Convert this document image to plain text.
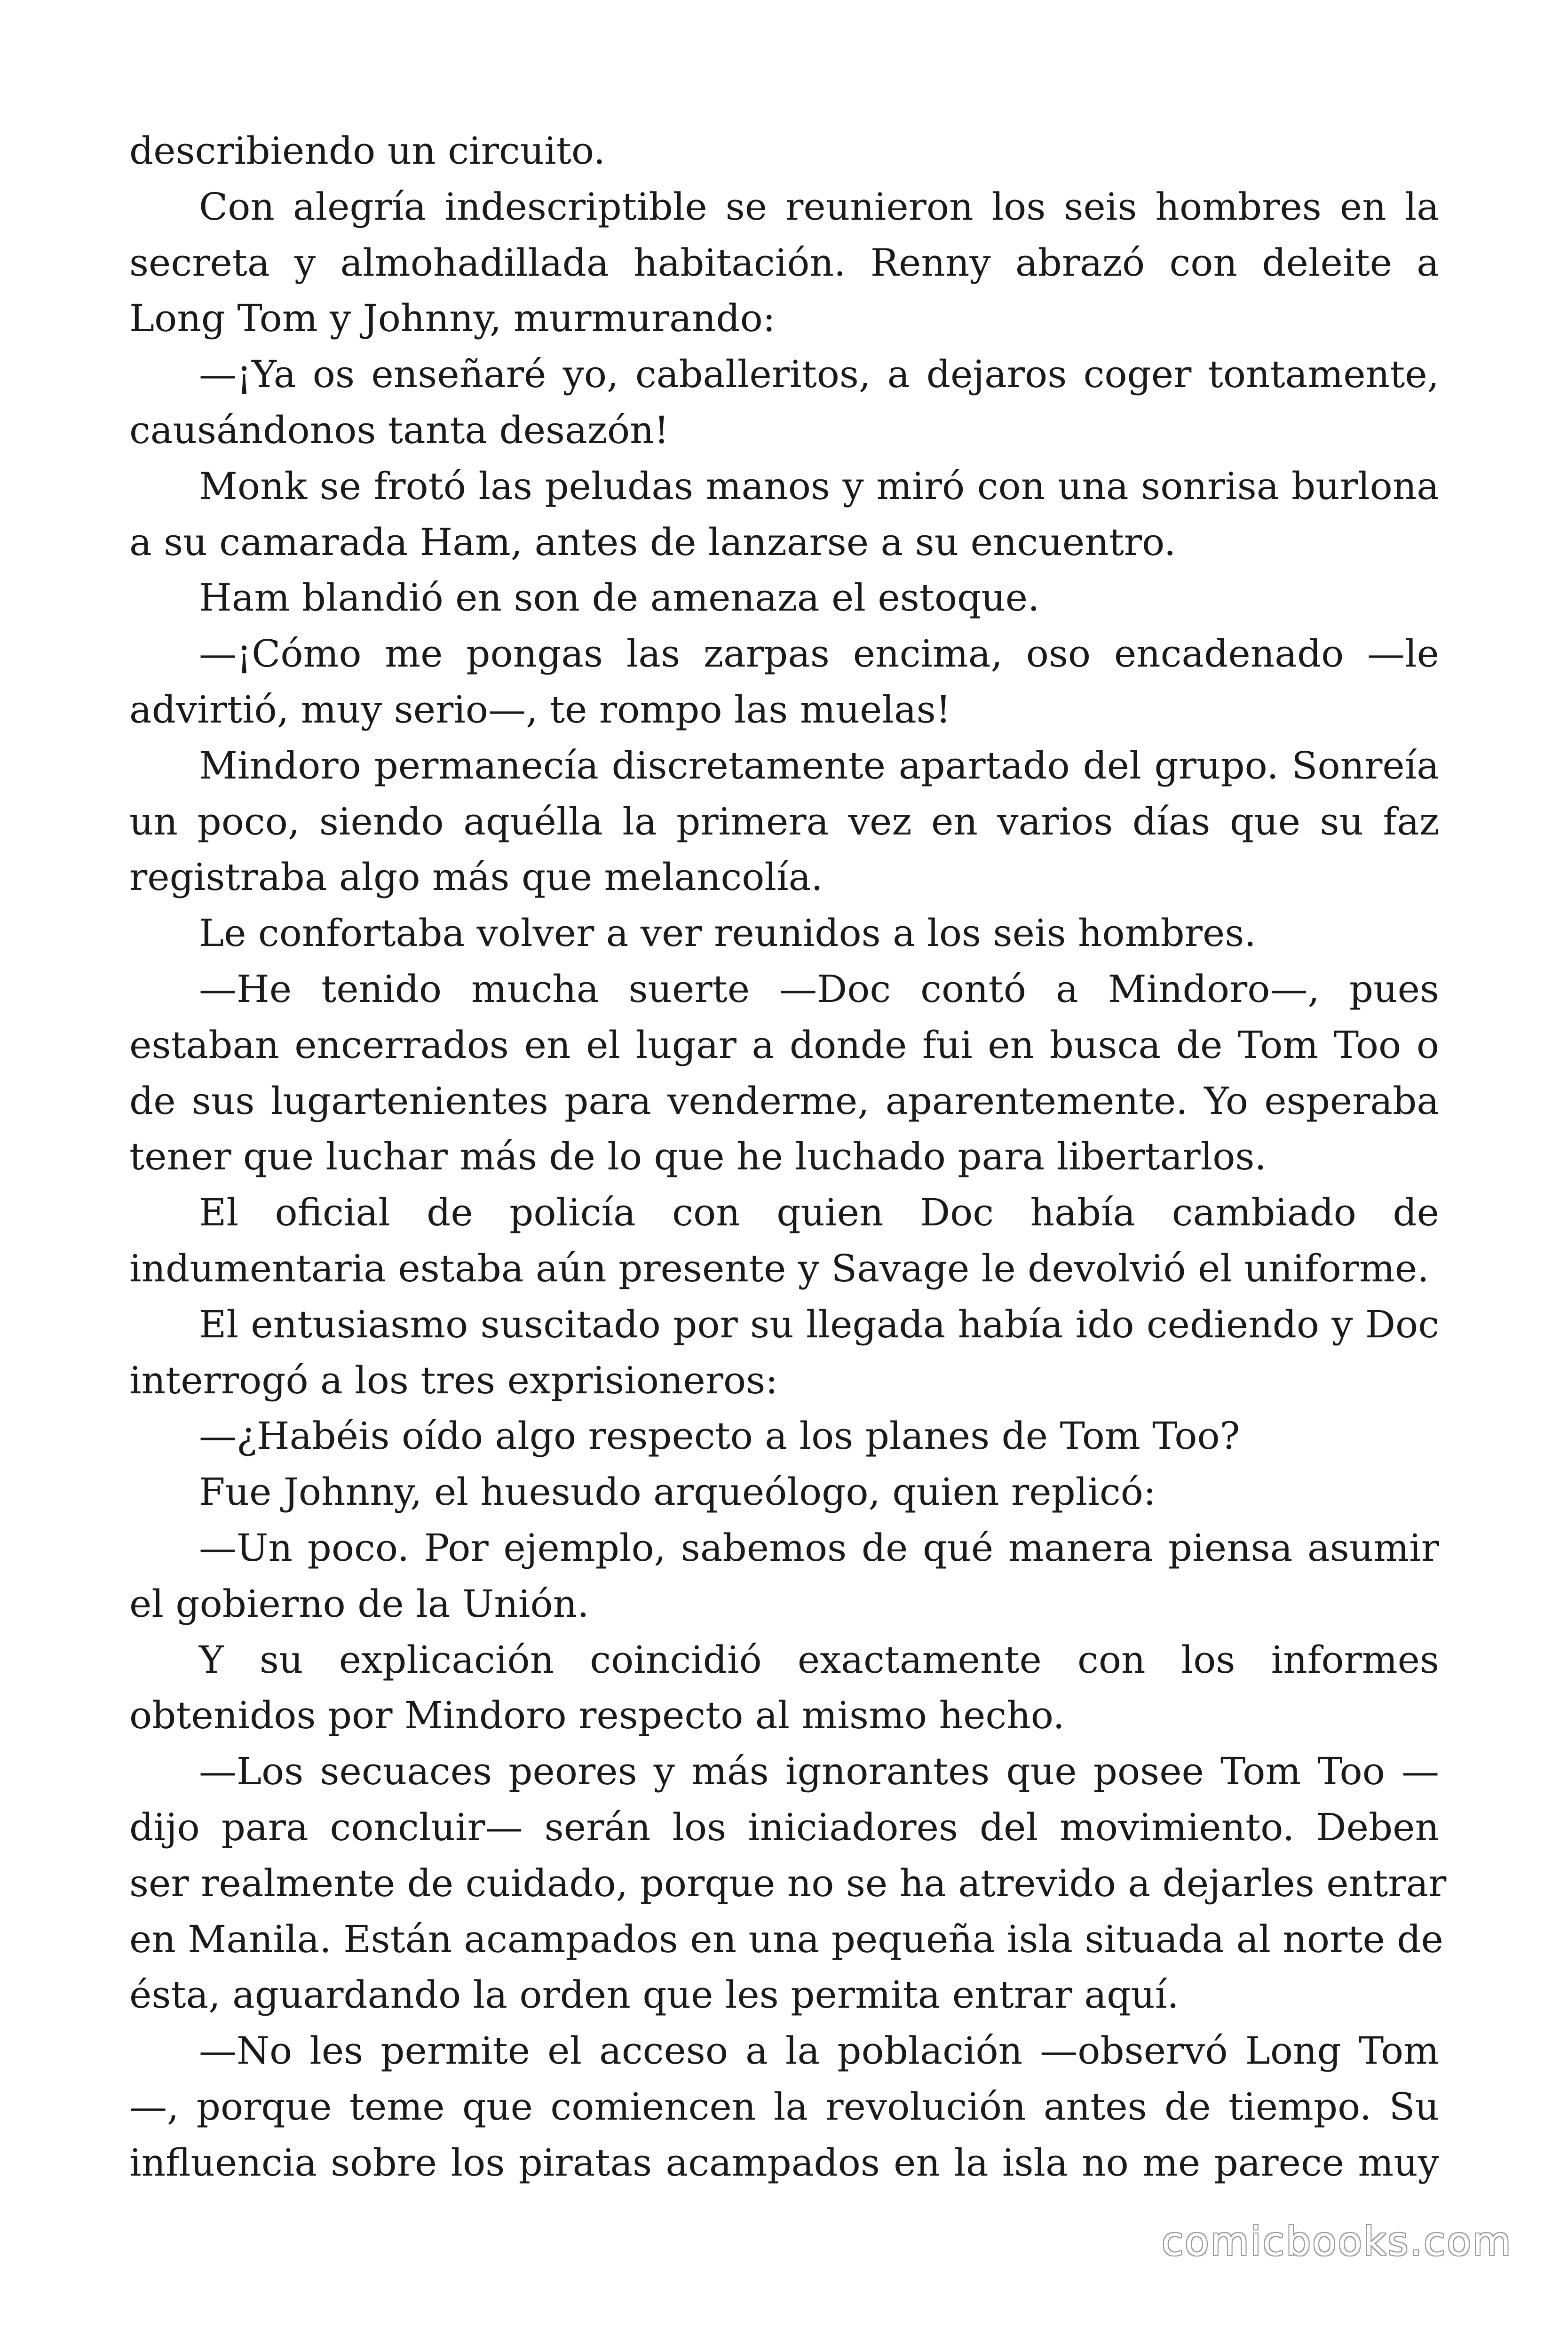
describiendo un circuito.
Con alegría indescriptible se reunieron los seis hombres en la
secreta y almohadillada habitación. Renny abrazó con deleite a
Long Tom y Johnny, murmurando:
—¡Ya os enseñaré yo, caballeritos, a dejaros coger tontamente,
causándonos tanta desazón!
Monk se frotó las peludas manos y miró con una sonrisa burlona
a su camarada Ham, antes de lanzarse a su encuentro.
Ham blandió en son de amenaza el estoque.
—¡Cómo me pongas las zarpas encima, oso encadenado —le
advirtió, muy serio—, te rompo las muelas!
Mindoro permanecía discretamente apartado del grupo. Sonreía
un poco, siendo aquélla la primera vez en varios días que su faz
registraba algo más que melancolía.
Le confortaba volver a ver reunidos a los seis hombres.
—He tenido mucha suerte —Doc contó a Mindoro—, pues
estaban encerrados en el lugar a donde fui en busca de Tom Too o
de sus lugartenientes para venderme, aparentemente. Yo esperaba
tener que luchar más de lo que he luchado para libertarlos.
El oficial de policía con quien Doc había cambiado de
indumentaria estaba aún presente y Savage le devolvió el uniforme.
El entusiasmo suscitado por su llegada había ido cediendo y Doc
interrogó a los tres exprisioneros:
—¿Habéis oído algo respecto a los planes de Tom Too?
Fue Johnny, el huesudo arqueólogo, quien replicó:
—Un poco. Por ejemplo, sabemos de qué manera piensa asumir
el gobierno de la Unión.
Y su explicación coincidió exactamente con los informes
obtenidos por Mindoro respecto al mismo hecho.
—Los secuaces peores y más ignorantes que posee Tom Too —
dijo para concluir— serán los iniciadores del movimiento. Deben
ser realmente de cuidado, porque no se ha atrevido a dejarles entrar
en Manila. Están acampados en una pequeña isla situada al norte de
ésta, aguardando la orden que les permita entrar aquí.
—No les permite el acceso a la población —observó Long Tom
—, porque teme que comiencen la revolución antes de tiempo. Su
influencia sobre los piratas acampados en la isla no me parece muy
comicbooks.com
